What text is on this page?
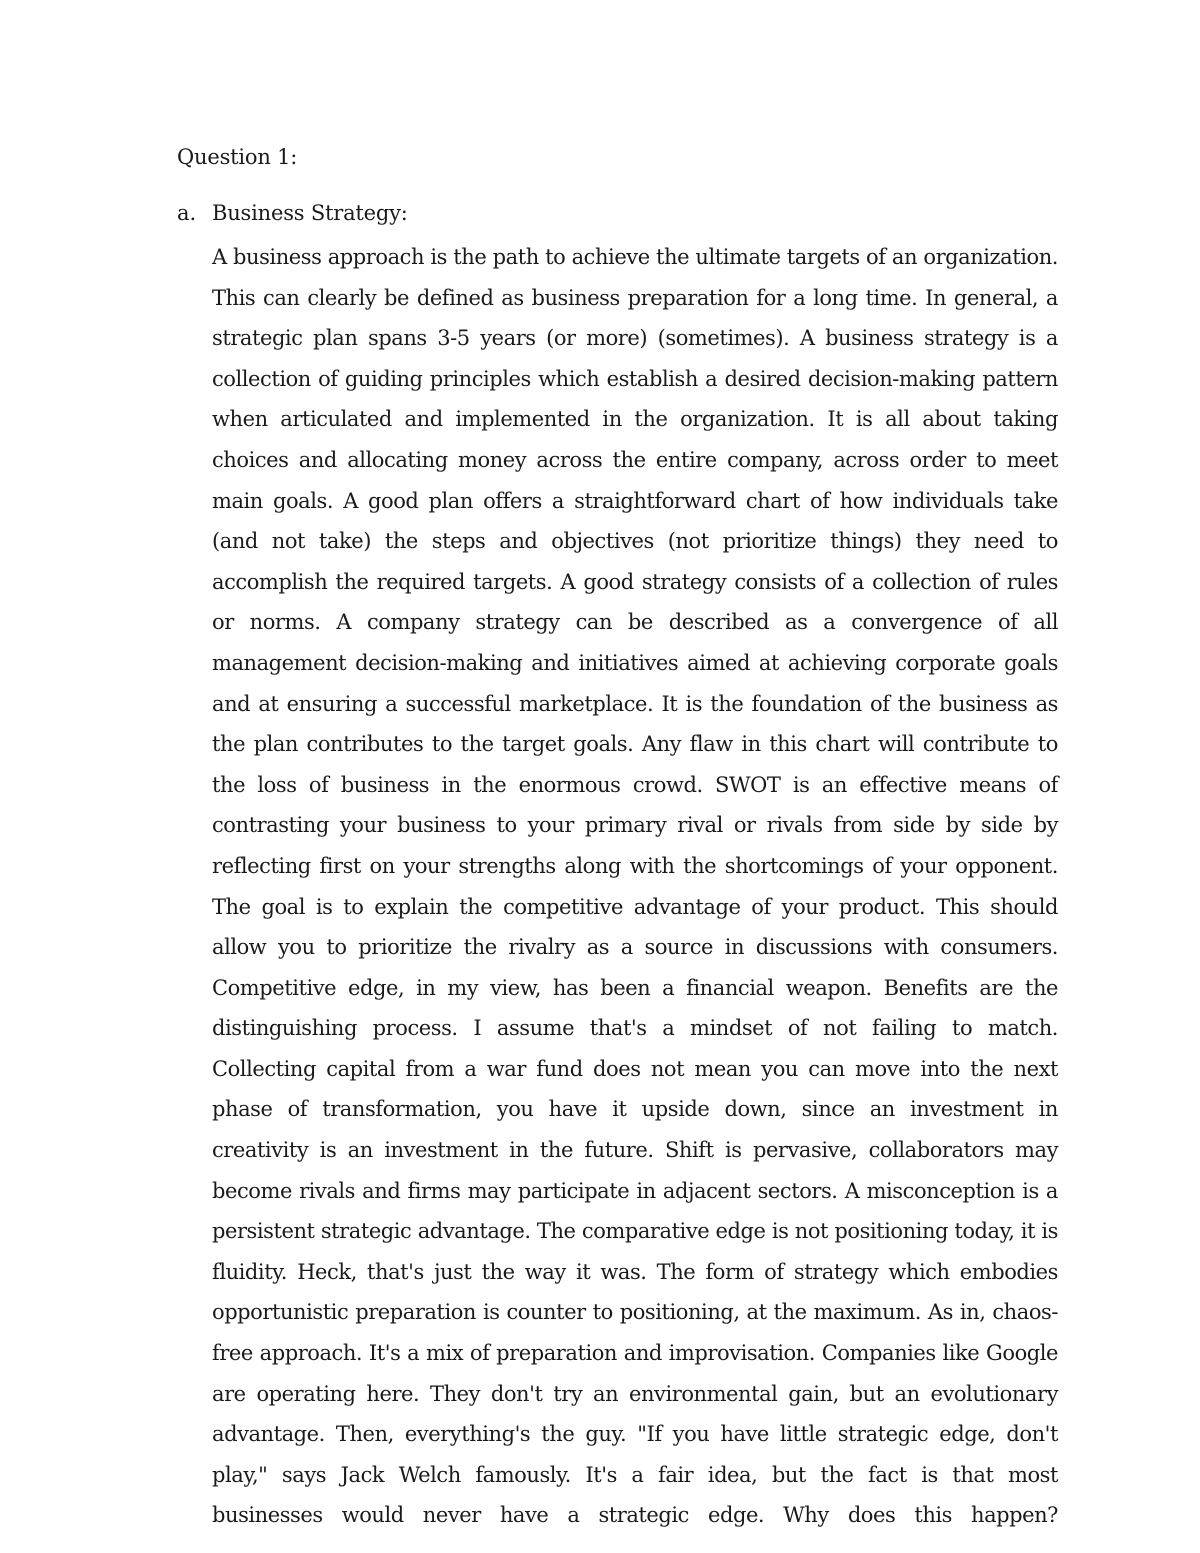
Question 1:
a. Business Strategy:

A business approach is the path to achieve the ultimate targets of an organization. This can clearly be defined as business preparation for a long time. In general, a strategic plan spans 3-5 years (or more) (sometimes). A business strategy is a collection of guiding principles which establish a desired decision-making pattern when articulated and implemented in the organization. It is all about taking choices and allocating money across the entire company, across order to meet main goals. A good plan offers a straightforward chart of how individuals take (and not take) the steps and objectives (not prioritize things) they need to accomplish the required targets. A good strategy consists of a collection of rules or norms. A company strategy can be described as a convergence of all management decision-making and initiatives aimed at achieving corporate goals and at ensuring a successful marketplace. It is the foundation of the business as the plan contributes to the target goals. Any flaw in this chart will contribute to the loss of business in the enormous crowd. SWOT is an effective means of contrasting your business to your primary rival or rivals from side by side by reflecting first on your strengths along with the shortcomings of your opponent. The goal is to explain the competitive advantage of your product. This should allow you to prioritize the rivalry as a source in discussions with consumers. Competitive edge, in my view, has been a financial weapon. Benefits are the distinguishing process. I assume that's a mindset of not failing to match. Collecting capital from a war fund does not mean you can move into the next phase of transformation, you have it upside down, since an investment in creativity is an investment in the future. Shift is pervasive, collaborators may become rivals and firms may participate in adjacent sectors. A misconception is a persistent strategic advantage. The comparative edge is not positioning today, it is fluidity. Heck, that's just the way it was. The form of strategy which embodies opportunistic preparation is counter to positioning, at the maximum. As in, chaos-free approach. It's a mix of preparation and improvisation. Companies like Google are operating here. They don't try an environmental gain, but an evolutionary advantage. Then, everything's the guy. "If you have little strategic edge, don't play," says Jack Welch famously. It's a fair idea, but the fact is that most businesses would never have a strategic edge. Why does this happen?
